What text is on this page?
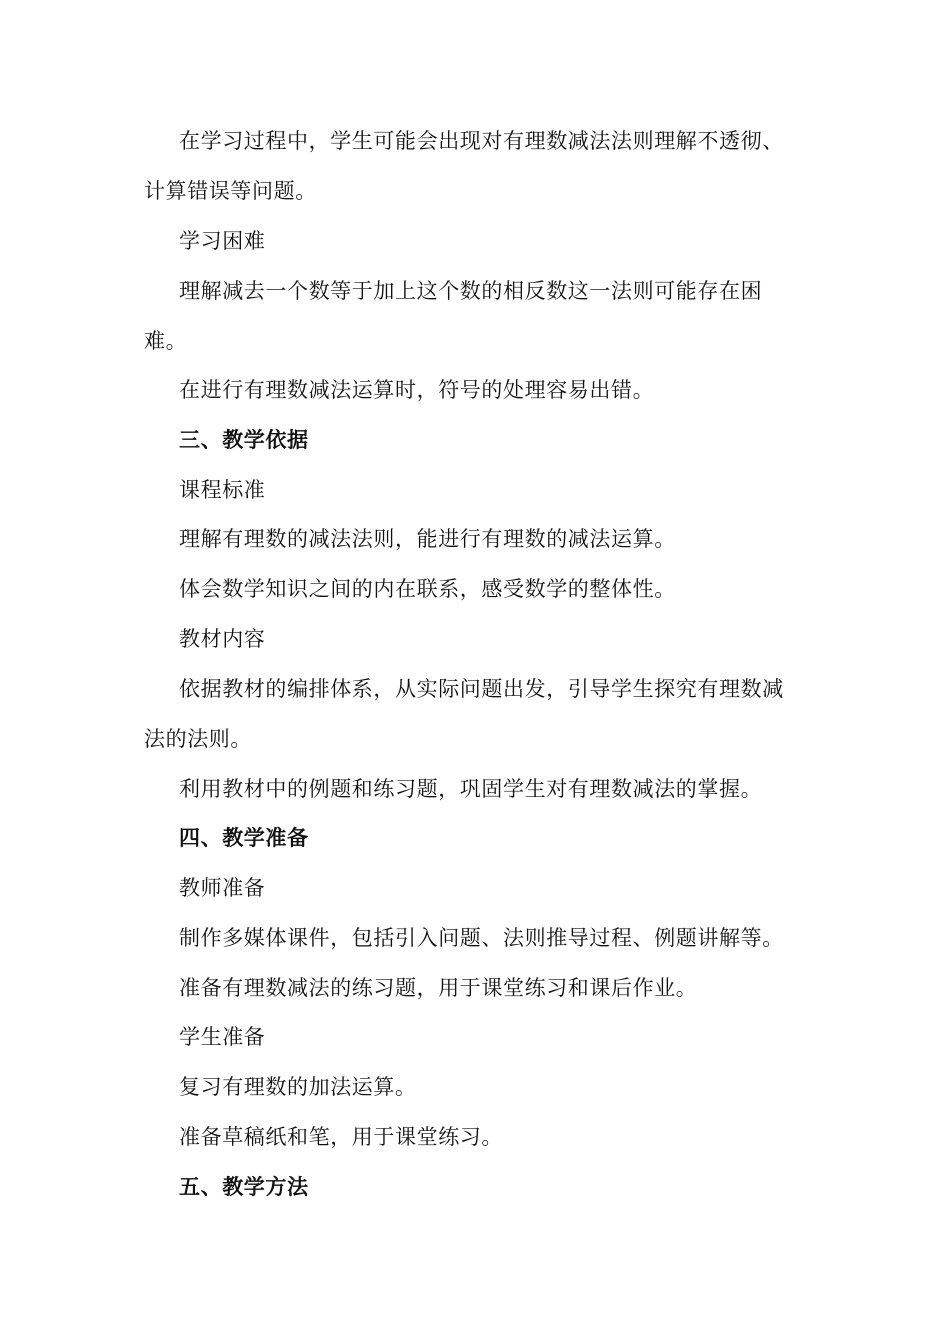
在学习过程中，学生可能会出现对有理数减法法则理解不透彻、
计算错误等问题。
学习困难
理解减去一个数等于加上这个数的相反数这一法则可能存在困
难。
在进行有理数减法运算时，符号的处理容易出错。
三、教学依据
课程标准
理解有理数的减法法则，能进行有理数的减法运算。
体会数学知识之间的内在联系，感受数学的整体性。
教材内容
依据教材的编排体系，从实际问题出发，引导学生探究有理数减
法的法则。
利用教材中的例题和练习题，巩固学生对有理数减法的掌握。
四、教学准备
教师准备
制作多媒体课件，包括引入问题、法则推导过程、例题讲解等。
准备有理数减法的练习题，用于课堂练习和课后作业。
学生准备
复习有理数的加法运算。
准备草稿纸和笔，用于课堂练习。
五、教学方法
